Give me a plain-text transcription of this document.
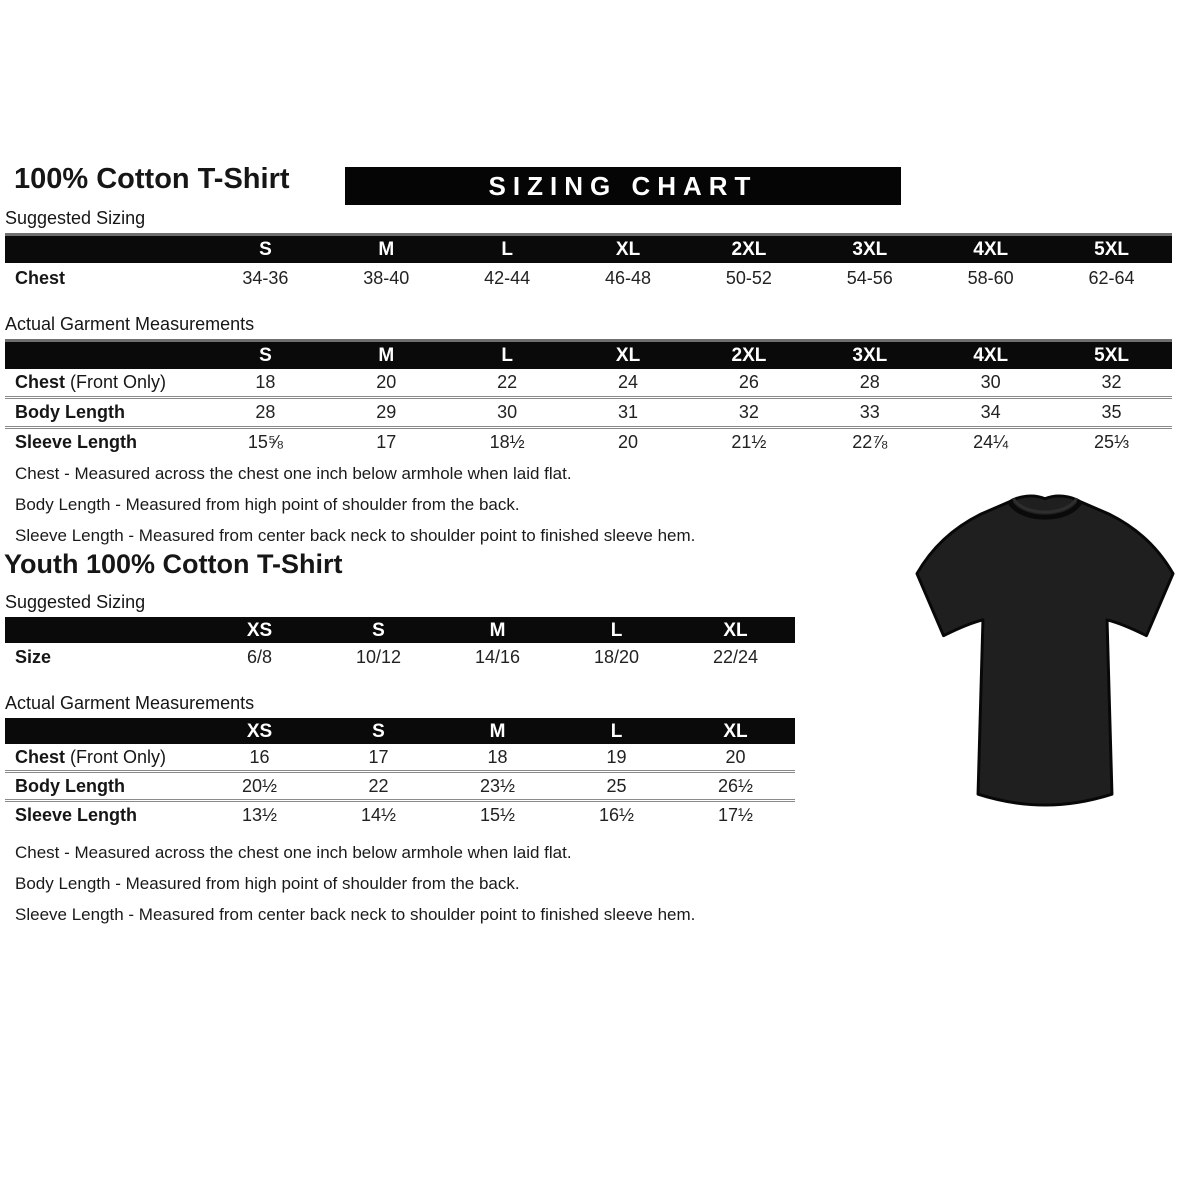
100% Cotton T-Shirt	SIZING CHART
Suggested Sizing
S	M	L	XL	2XL	3XL	4XL	5XL
Chest	34-36	38-40	42-44	46-48	50-52	54-56	58-60	62-64
Actual Garment Measurements
S	M	L	XL	2XL	3XL	4XL	5XL
Chest (Front Only)	18	20	22	24	26	28	30	32
Body Length	28	29	30	31	32	33	34	35
Sleeve Length	15⅝	17	18½	20	21½	22⅞	24¼	25⅓
Chest - Measured across the chest one inch below armhole when laid flat.
Body Length - Measured from high point of shoulder from the back.
Sleeve Length - Measured from center back neck to shoulder point to finished sleeve hem.
Youth 100% Cotton T-Shirt
Suggested Sizing
XS	S	M	L	XL
Size	6/8	10/12	14/16	18/20	22/24
Actual Garment Measurements
XS	S	M	L	XL
Chest (Front Only)	16	17	18	19	20
Body Length	20½	22	23½	25	26½
Sleeve Length	13½	14½	15½	16½	17½
Chest - Measured across the chest one inch below armhole when laid flat.
Body Length - Measured from high point of shoulder from the back.
Sleeve Length - Measured from center back neck to shoulder point to finished sleeve hem.
